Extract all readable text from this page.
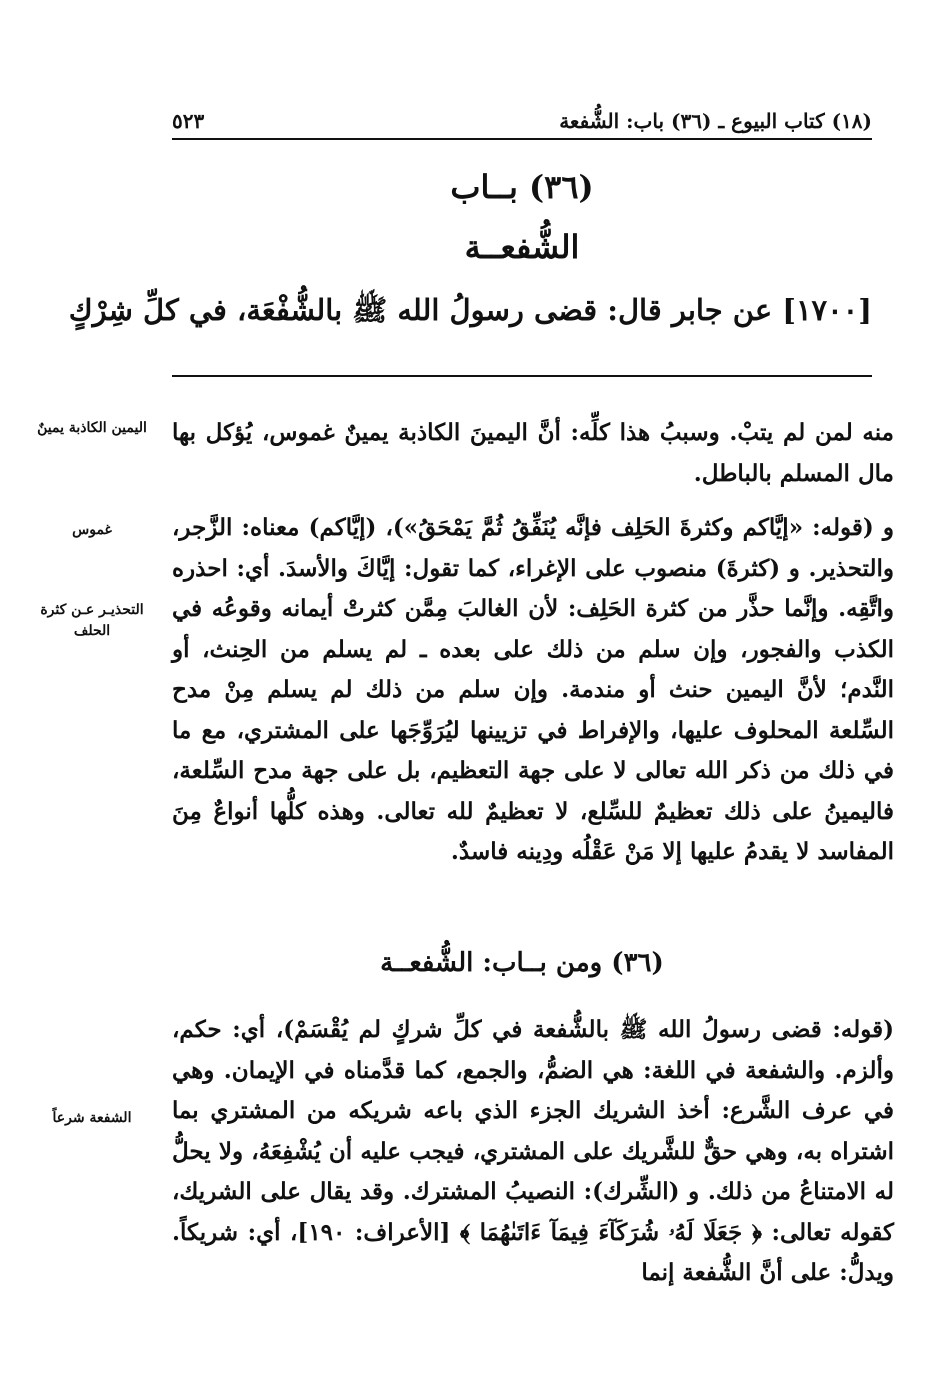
(١٨) كتاب البيوع ـ (٣٦) باب: الشُّفعة
٥٢٣
(٣٦) بــاب
الشُّفعــة
[١٧٠٠] عن جابر قال: قضى رسولُ الله ﷺ بالشُّفْعَة، في كلِّ شِرْكٍ

منه لمن لم يتبْ. وسببُ هذا كلِّه: أنَّ اليمينَ الكاذبة يمينٌ غموس، يُؤكل بها مال المسلم بالباطل.

و (قوله: «إيَّاكم وكثرةَ الحَلِف فإنَّه يُنَفِّقُ ثُمَّ يَمْحَقُ»)، (إيَّاكم) معناه: الزَّجر، والتحذير. و (كثرةَ) منصوب على الإغراء، كما تقول: إيَّاكَ والأسدَ. أي: احذره واتَّقِه. وإنَّما حذَّر من كثرة الحَلِف: لأن الغالبَ مِمَّن كثرتْ أيمانه وقوعُه في الكذب والفجور، وإن سلم من ذلك على بعده ـ لم يسلم من الحِنث، أو النَّدم؛ لأنَّ اليمين حنث أو مندمة. وإن سلم من ذلك لم يسلم مِنْ مدح السِّلعة المحلوف عليها، والإفراط في تزيينها ليُرَوِّجَها على المشتري، مع ما في ذلك من ذكر الله تعالى لا على جهة التعظيم، بل على جهة مدح السِّلعة، فاليمينُ على ذلك تعظيمٌ للسِّلع، لا تعظيمٌ لله تعالى. وهذه كلُّها أنواعٌ مِنَ المفاسد لا يقدمُ عليها إلا مَنْ عَقْلُه ودِينه فاسدٌ.

(٣٦) ومن بــاب: الشُّفعــة

(قوله: قضى رسولُ الله ﷺ بالشُّفعة في كلِّ شركٍ لم يُقْسَمْ)، أي: حكم، وألزم. والشفعة في اللغة: هي الضمُّ، والجمع، كما قدَّمناه في الإيمان. وهي في عرف الشَّرع: أخذ الشريك الجزء الذي باعه شريكه من المشتري بما اشتراه به، وهي حقٌّ للشَّريك على المشتري، فيجب عليه أن يُشْفِعَهُ، ولا يحلُّ له الامتناعُ من ذلك. و (الشِّرك): النصيبُ المشترك. وقد يقال على الشريك، كقوله تعالى: ﴿ جَعَلَا لَهُۥ شُرَكَآءَ فِيمَآ ءَاتَىٰهُمَا ﴾ [الأعراف: ١٩٠]، أي: شريكاً. ويدلُّ: على أنَّ الشُّفعة إنما

اليمين الكاذبة يمينٌ
غموس
التحذيـر عـن كثرة الحلف
الشفعة شرعاً
